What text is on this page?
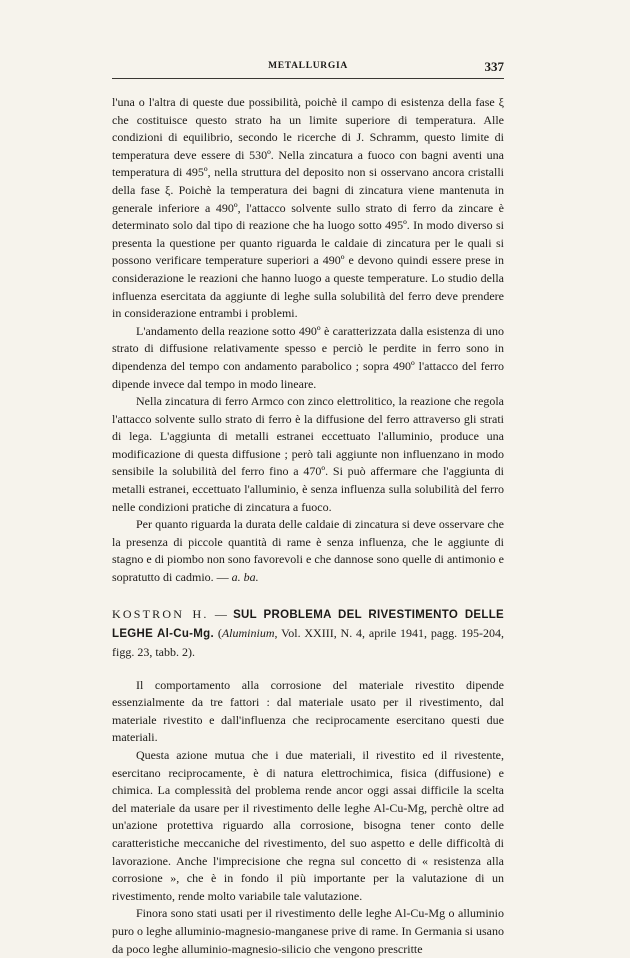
METALLURGIA	337

l'una o l'altra di queste due possibilità, poichè il campo di esistenza della fase ξ che costituisce questo strato ha un limite superiore di temperatura. Alle condizioni di equilibrio, secondo le ricerche di J. Schramm, questo limite di temperatura deve essere di 530º. Nella zincatura a fuoco con bagni aventi una temperatura di 495º, nella struttura del deposito non si osservano ancora cristalli della fase ξ. Poichè la temperatura dei bagni di zincatura viene mantenuta in generale inferiore a 490º, l'attacco solvente sullo strato di ferro da zincare è determinato solo dal tipo di reazione che ha luogo sotto 495º. In modo diverso si presenta la questione per quanto riguarda le caldaie di zincatura per le quali si possono verificare temperature superiori a 490º e devono quindi essere prese in considerazione le reazioni che hanno luogo a queste temperature. Lo studio della influenza esercitata da aggiunte di leghe sulla solubilità del ferro deve prendere in considerazione entrambi i problemi.

L'andamento della reazione sotto 490º è caratterizzata dalla esistenza di uno strato di diffusione relativamente spesso e perciò le perdite in ferro sono in dipendenza del tempo con andamento parabolico ; sopra 490º l'attacco del ferro dipende invece dal tempo in modo lineare.

Nella zincatura di ferro Armco con zinco elettrolitico, la reazione che regola l'attacco solvente sullo strato di ferro è la diffusione del ferro attraverso gli strati di lega. L'aggiunta di metalli estranei eccettuato l'alluminio, produce una modificazione di questa diffusione ; però tali aggiunte non influenzano in modo sensibile la solubilità del ferro fino a 470º. Si può affermare che l'aggiunta di metalli estranei, eccettuato l'alluminio, è senza influenza sulla solubilità del ferro nelle condizioni pratiche di zincatura a fuoco.

Per quanto riguarda la durata delle caldaie di zincatura si deve osservare che la presenza di piccole quantità di rame è senza influenza, che le aggiunte di stagno e di piombo non sono favorevoli e che dannose sono quelle di antimonio e sopratutto di cadmio. — a. ba.

KOSTRON H. — SUL PROBLEMA DEL RIVESTIMENTO DELLE LEGHE Al-Cu-Mg. (Aluminium, Vol. XXIII, N. 4, aprile 1941, pagg. 195-204, figg. 23, tabb. 2).

Il comportamento alla corrosione del materiale rivestito dipende essenzialmente da tre fattori : dal materiale usato per il rivestimento, dal materiale rivestito e dall'influenza che reciprocamente esercitano questi due materiali.

Questa azione mutua che i due materiali, il rivestito ed il rivestente, esercitano reciprocamente, è di natura elettrochimica, fisica (diffusione) e chimica. La complessità del problema rende ancor oggi assai difficile la scelta del materiale da usare per il rivestimento delle leghe Al-Cu-Mg, perchè oltre ad un'azione protettiva riguardo alla corrosione, bisogna tener conto delle caratteristiche meccaniche del rivestimento, del suo aspetto e delle difficoltà di lavorazione. Anche l'imprecisione che regna sul concetto di « resistenza alla corrosione », che è in fondo il più importante per la valutazione di un rivestimento, rende molto variabile tale valutazione.

Finora sono stati usati per il rivestimento delle leghe Al-Cu-Mg o alluminio puro o leghe alluminio-magnesio-manganese prive di rame. In Germania si usano da poco leghe alluminio-magnesio-silicio che vengono prescritte
